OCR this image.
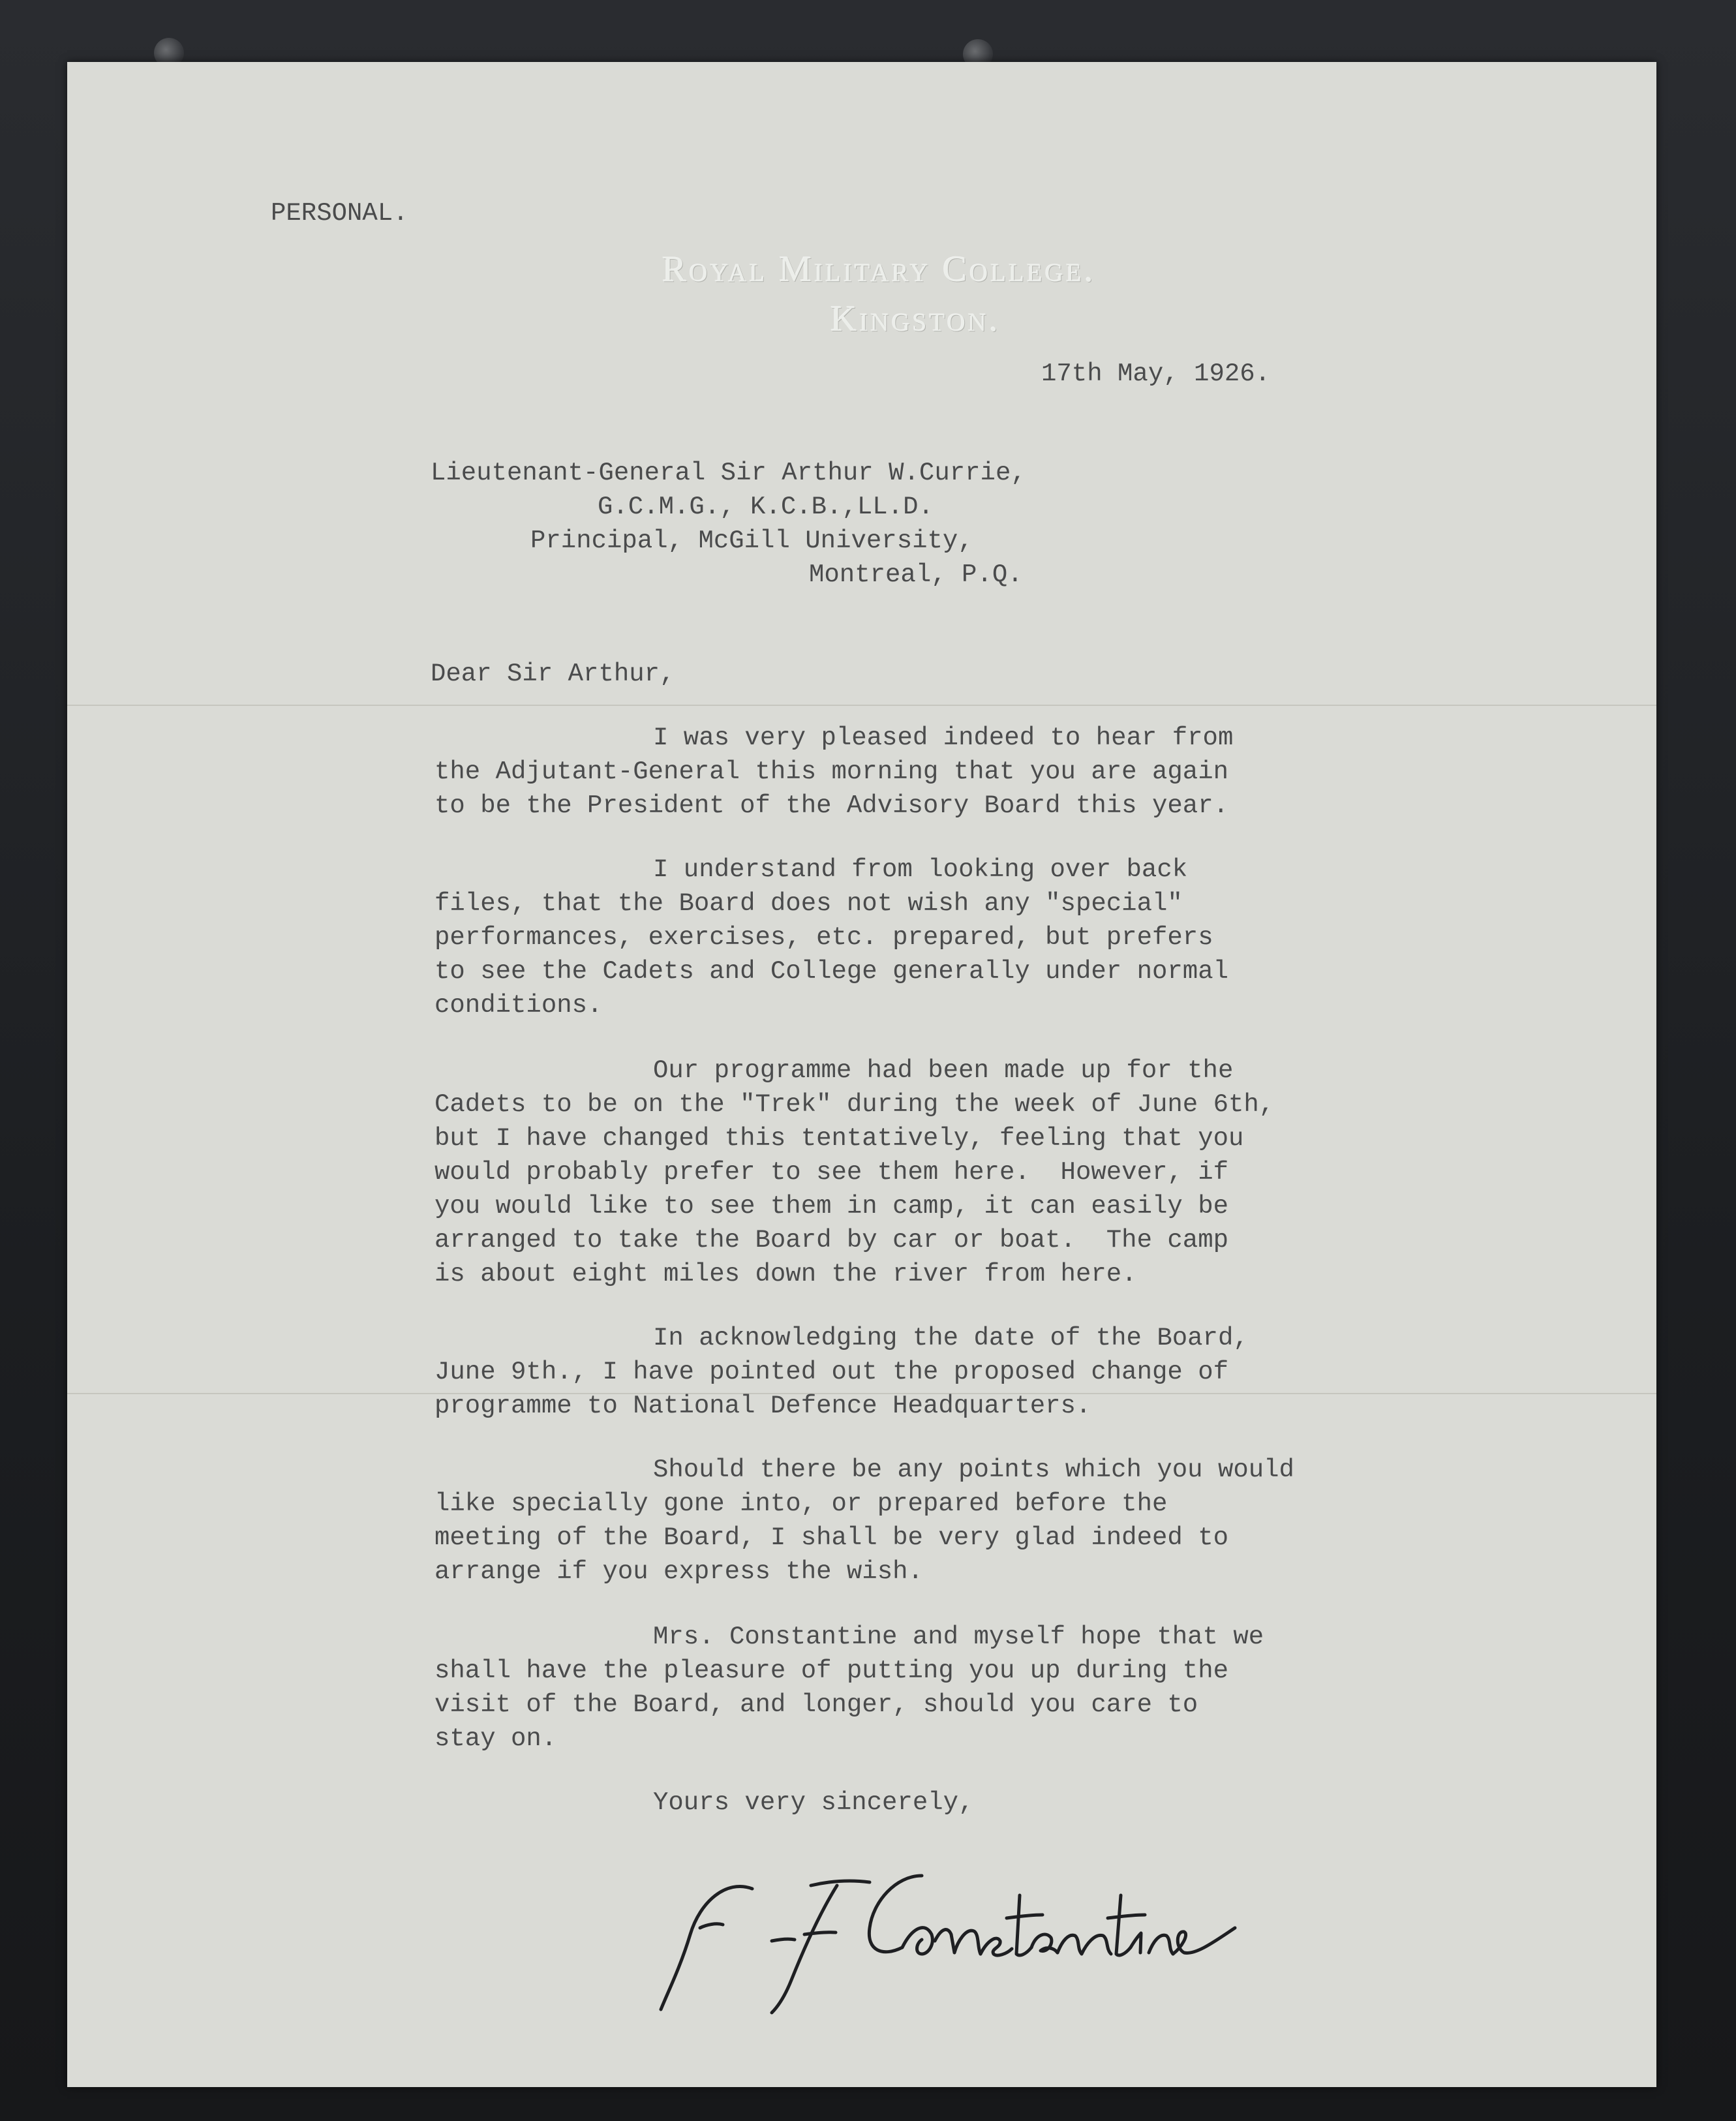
PERSONAL.
Royal Military College.
Kingston.
17th May, 1926.
Lieutenant-General Sir Arthur W.Currie,
G.C.M.G., K.C.B.,LL.D.
Principal, McGill University,
Montreal, P.Q.
Dear Sir Arthur,
I was very pleased indeed to hear from
the Adjutant-General this morning that you are again
to be the President of the Advisory Board this year.
I understand from looking over back
files, that the Board does not wish any "special"
performances, exercises, etc. prepared, but prefers
to see the Cadets and College generally under normal
conditions.
Our programme had been made up for the
Cadets to be on the "Trek" during the week of June 6th,
but I have changed this tentatively, feeling that you
would probably prefer to see them here.  However, if
you would like to see them in camp, it can easily be
arranged to take the Board by car or boat.  The camp
is about eight miles down the river from here.
In acknowledging the date of the Board,
June 9th., I have pointed out the proposed change of
programme to National Defence Headquarters.
Should there be any points which you would
like specially gone into, or prepared before the
meeting of the Board, I shall be very glad indeed to
arrange if you express the wish.
Mrs. Constantine and myself hope that we
shall have the pleasure of putting you up during the
visit of the Board, and longer, should you care to
stay on.
Yours very sincerely,
